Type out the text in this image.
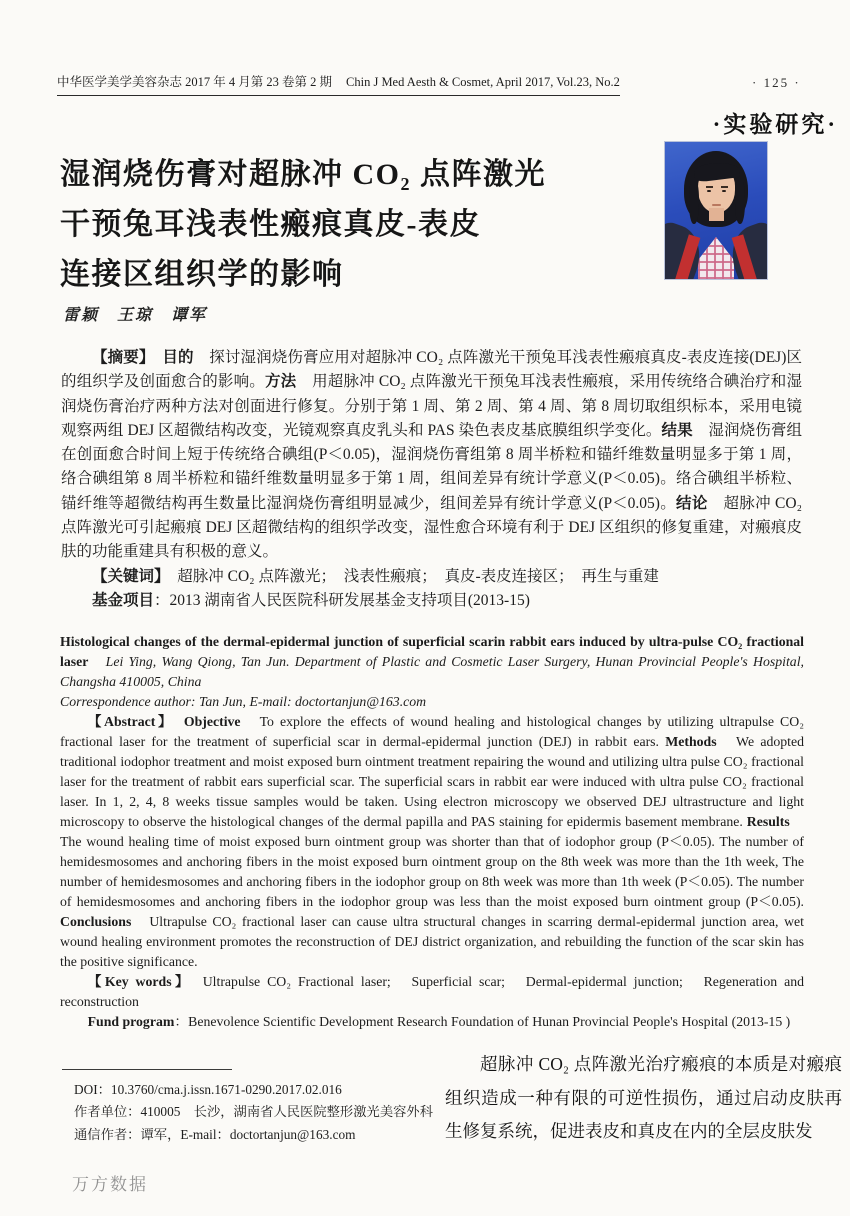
中华医学美学美容杂志 2017 年 4 月第 23 卷第 2 期 Chin J Med Aesth & Cosmet, April 2017, Vol.23, No.2	· 125 ·
·实验研究·
湿润烧伤膏对超脉冲 CO₂ 点阵激光
干预兔耳浅表性瘢痕真皮-表皮
连接区组织学的影响
雷颖　王琼　谭军

【摘要】　目的　探讨湿润烧伤膏应用对超脉冲 CO₂ 点阵激光干预兔耳浅表性瘢痕真皮-表皮连接(DEJ)区的组织学及创面愈合的影响。方法　用超脉冲 CO₂ 点阵激光干预兔耳浅表性瘢痕，采用传统络合碘治疗和湿润烧伤膏治疗两种方法对创面进行修复。分别于第 1 周、第 2 周、第 4 周、第 8 周切取组织标本，采用电镜观察两组 DEJ 区超微结构改变，光镜观察真皮乳头和 PAS 染色表皮基底膜组织学变化。结果　湿润烧伤膏组在创面愈合时间上短于传统络合碘组(P＜0.05)，湿润烧伤膏组第 8 周半桥粒和锚纤维数量明显多于第 1 周，络合碘组第 8 周半桥粒和锚纤维数量明显多于第 1 周，组间差异有统计学意义(P＜0.05)。络合碘组半桥粒、锚纤维等超微结构再生数量比湿润烧伤膏组明显减少，组间差异有统计学意义(P＜0.05)。结论　超脉冲 CO₂ 点阵激光可引起瘢痕 DEJ 区超微结构的组织学改变，湿性愈合环境有利于 DEJ 区组织的修复重建，对瘢痕皮肤的功能重建具有积极的意义。

【关键词】　超脉冲 CO₂ 点阵激光；　浅表性瘢痕；　真皮-表皮连接区；　再生与重建

基金项目：2013 湖南省人民医院科研发展基金支持项目(2013-15)

Histological changes of the dermal-epidermal junction of superficial scarin rabbit ears induced by ultra-pulse CO₂ fractional laser　Lei Ying, Wang Qiong, Tan Jun. Department of Plastic and Cosmetic Laser Surgery, Hunan Provincial People's Hospital, Changsha 410005, China

Correspondence author: Tan Jun, E-mail: doctortanjun@163.com

【Abstract】　Objective　To explore the effects of wound healing and histological changes by utilizing ultrapulse CO₂ fractional laser for the treatment of superficial scar in dermal-epidermal junction (DEJ) in rabbit ears. Methods　We adopted traditional iodophor treatment and moist exposed burn ointment treatment repairing the wound and utilizing ultra pulse CO₂ fractional laser for the treatment of rabbit ears superficial scar. The superficial scars in rabbit ear were induced with ultra pulse CO₂ fractional laser. In 1, 2, 4, 8 weeks tissue samples would be taken. Using electron microscopy we observed DEJ ultrastructure and light microscopy to observe the histological changes of the dermal papilla and PAS staining for epidermis basement membrane. Results　The wound healing time of moist exposed burn ointment group was shorter than that of iodophor group (P＜0.05). The number of hemidesmosomes and anchoring fibers in the moist exposed burn ointment group on the 8th week was more than the 1th week, The number of hemidesmosomes and anchoring fibers in the iodophor group on 8th week was more than 1th week (P＜0.05). The number of hemidesmosomes and anchoring fibers in the iodophor group was less than the moist exposed burn ointment group (P＜0.05). Conclusions　Ultrapulse CO₂ fractional laser can cause ultra structural changes in scarring dermal-epidermal junction area, wet wound healing environment promotes the reconstruction of DEJ district organization, and rebuilding the function of the scar skin has the positive significance.

【Key words】　Ultrapulse CO₂ Fractional laser;　Superficial scar;　Dermal-epidermal junction;　Regeneration and reconstruction

Fund program：Benevolence Scientific Development Research Foundation of Hunan Provincial People's Hospital (2013-15 )

DOI：10.3760/cma.j.issn.1671-0290.2017.02.016
作者单位：410005　长沙，湖南省人民医院整形激光美容外科
通信作者：谭军，E-mail：doctortanjun@163.com
超脉冲 CO₂ 点阵激光治疗瘢痕的本质是对瘢痕组织造成一种有限的可逆性损伤，通过启动皮肤再生修复系统，促进表皮和真皮在内的全层皮肤发
万方数据
